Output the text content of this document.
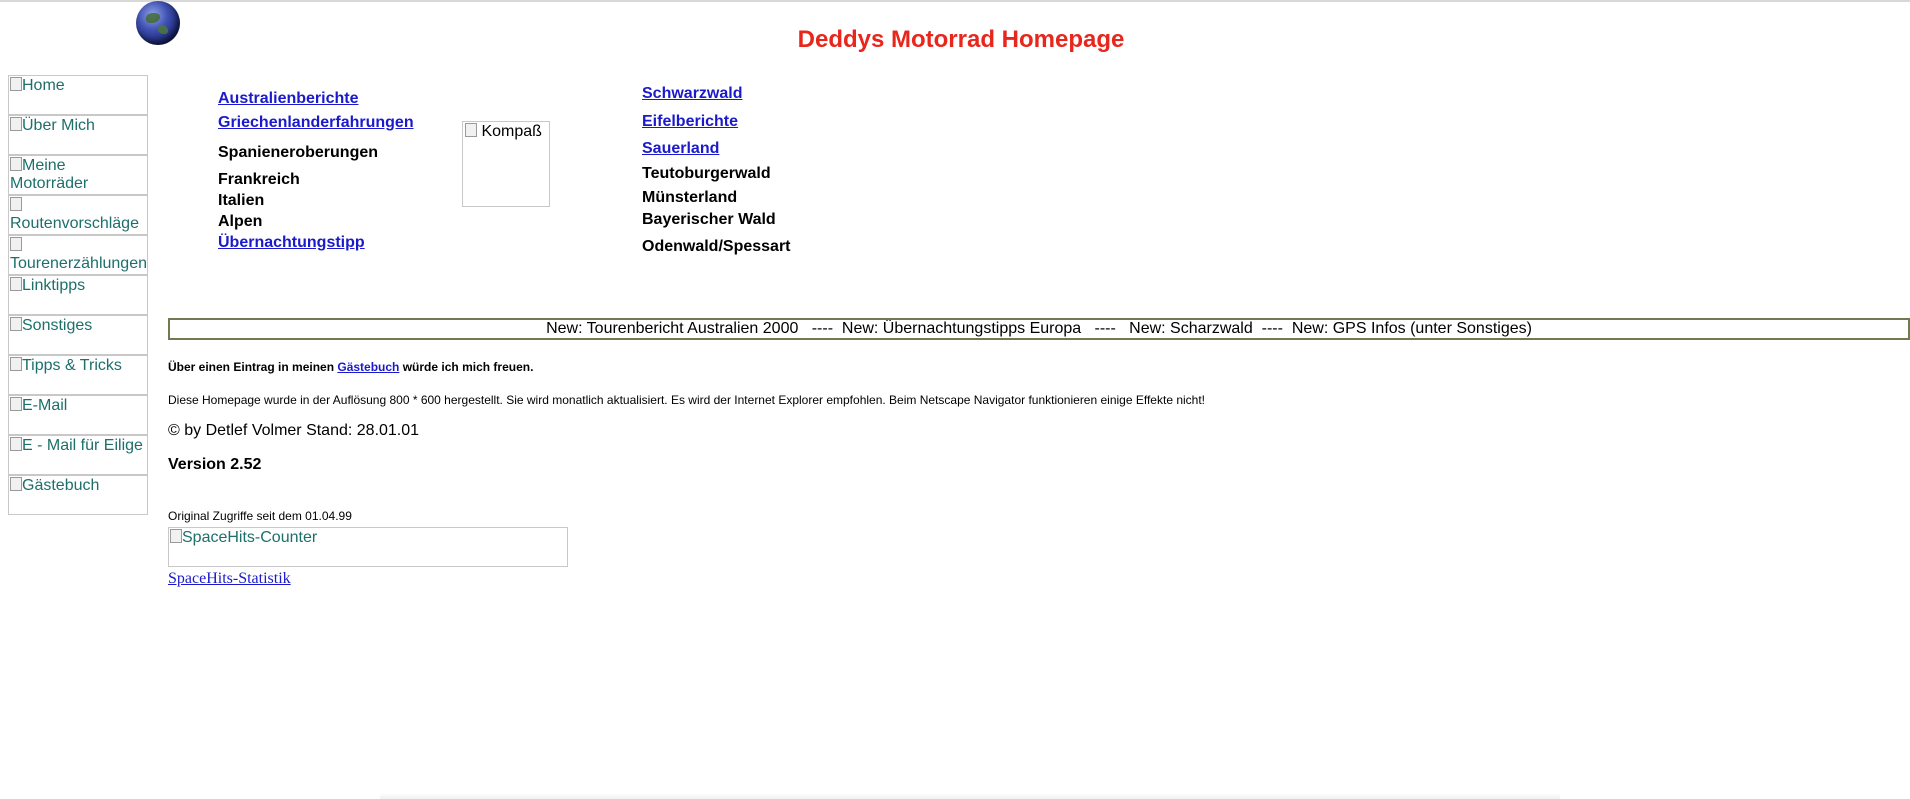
Deddys Motorrad Homepage
Home
Über Mich
Meine Motorräder

Routenvorschläge

Tourenerzählungen
Linktipps
Sonstiges
Tipps & Tricks
E-Mail
E - Mail für Eilige
Gästebuch
Australienberichte
Griechenlanderfahrungen
Spanieneroberungen
Frankreich
Italien
Alpen
Übernachtungstipp
Kompaß
Schwarzwald
Eifelberichte
Sauerland
Teutoburgerwald
Münsterland
Bayerischer Wald
Odenwald/Spessart
New: Tourenbericht Australien 2000   ----  New: Übernachtungstipps Europa   ----   New: Scharzwald  ----  New: GPS Infos (unter Sonstiges)
Über einen Eintrag in meinen Gästebuch würde ich mich freuen.
Diese Homepage wurde in der Auflösung 800 * 600 hergestellt. Sie wird monatlich aktualisiert. Es wird der Internet Explorer empfohlen. Beim Netscape Navigator funktionieren einige Effekte nicht!
© by Detlef Volmer Stand: 28.01.01
Version 2.52
Original Zugriffe seit dem 01.04.99
SpaceHits-Counter
SpaceHits-Statistik
